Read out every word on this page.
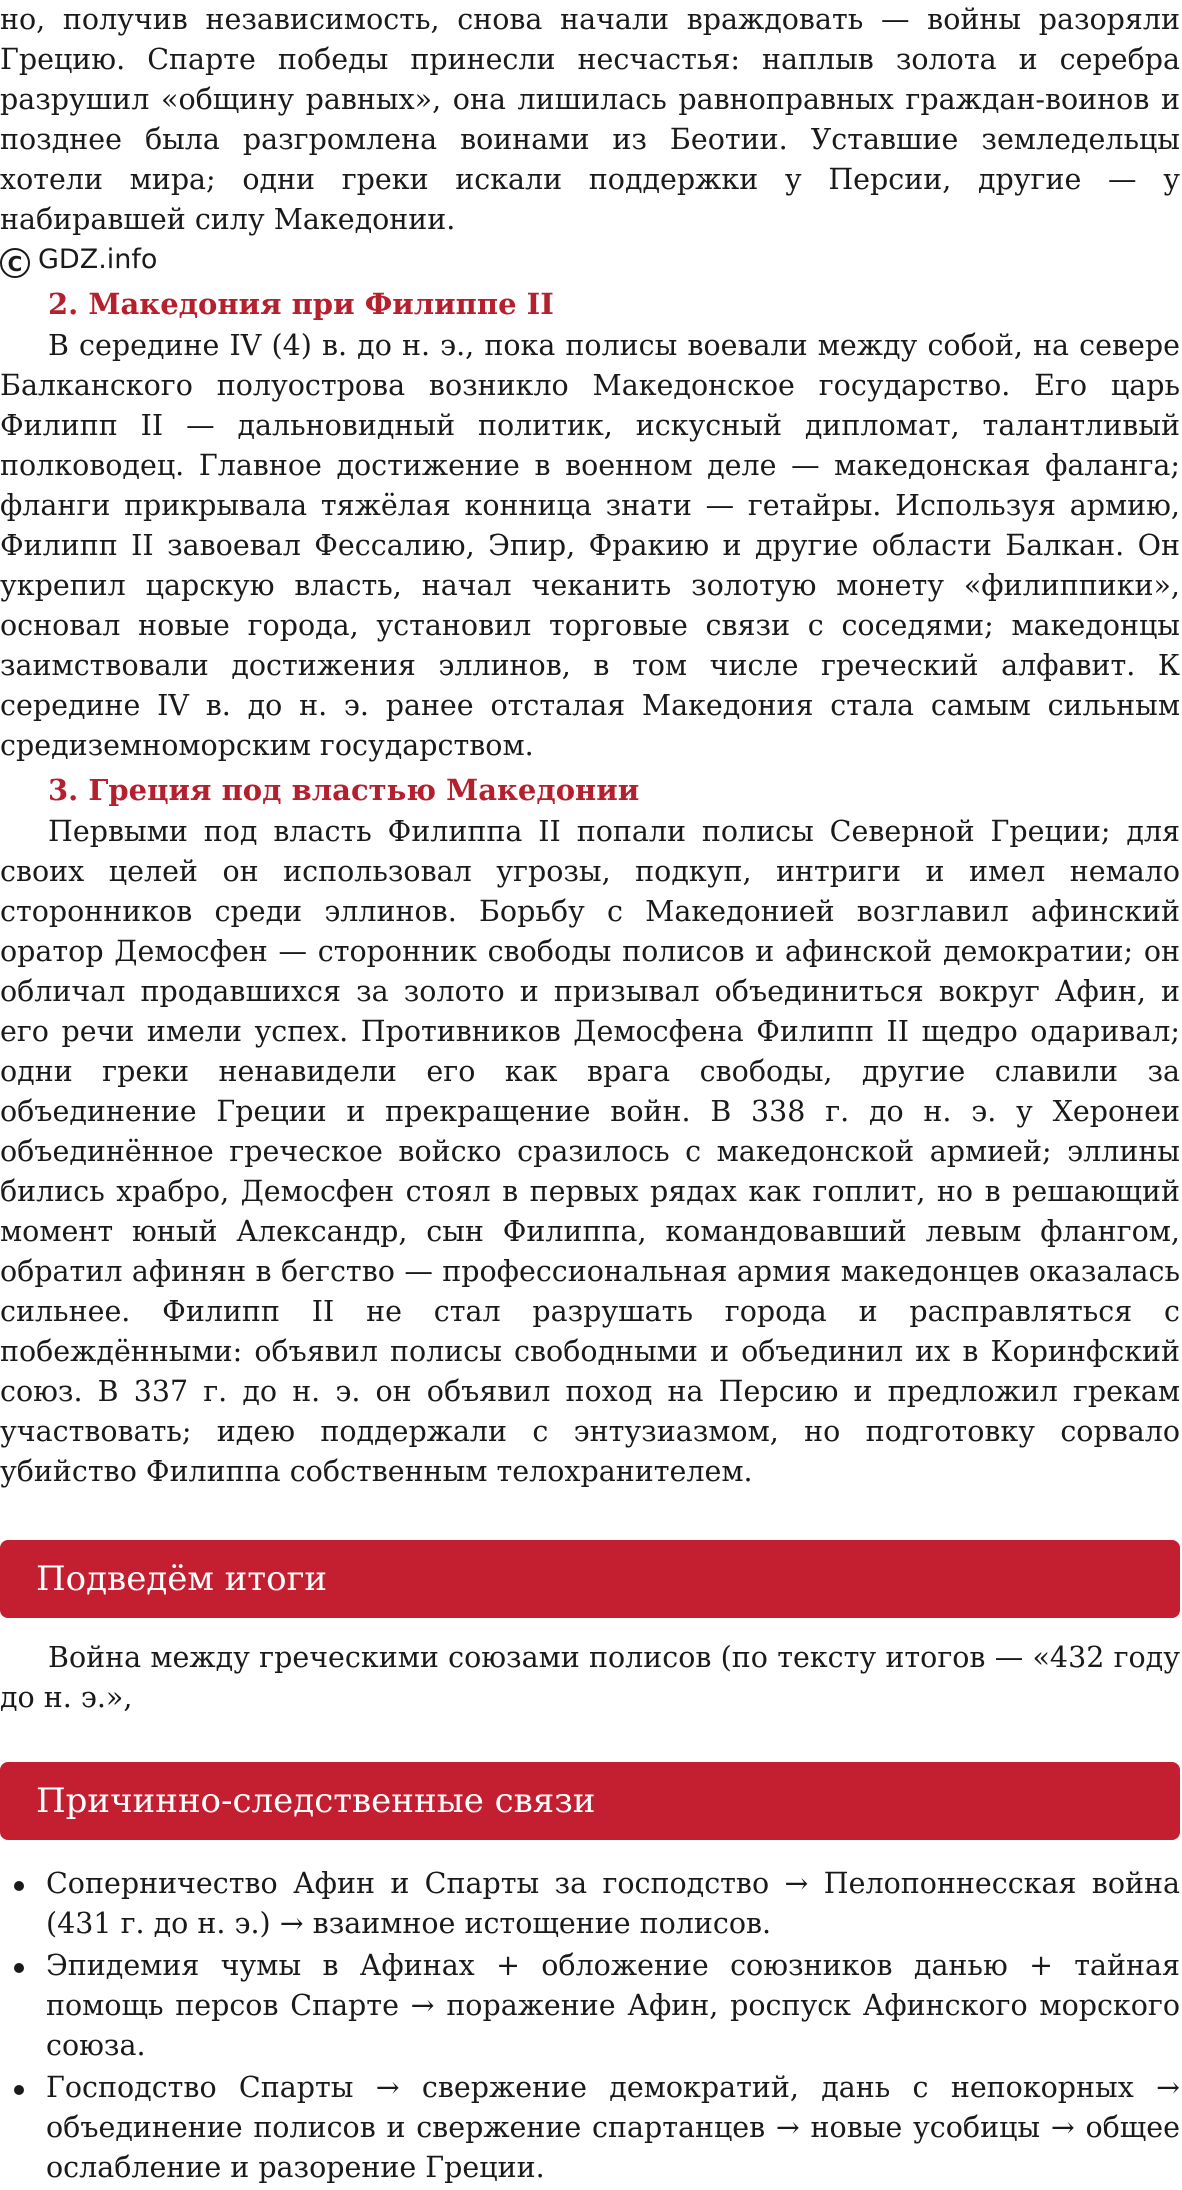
но, получив независимость, снова начали враждовать — войны разоряли Грецию. Спарте победы принесли несчастья: наплыв золота и серебра разрушил «общину равных», она лишилась равноправных граждан-воинов и позднее была разгромлена воинами из Беотии. Уставшие земледельцы хотели мира; одни греки искали поддержки у Персии, другие — у набиравшей силу Македонии.

C GDZ.info
2. Македония при Филиппе II

В середине IV (4) в. до н. э., пока полисы воевали между собой, на севере Балканского полуострова возникло Македонское государство. Его царь Филипп II — дальновидный политик, искусный дипломат, талантливый полководец. Главное достижение в военном деле — македонская фаланга; фланги прикрывала тяжёлая конница знати — гетайры. Используя армию, Филипп II завоевал Фессалию, Эпир, Фракию и другие области Балкан. Он укрепил царскую власть, начал чеканить золотую монету «филиппики», основал новые города, установил торговые связи с соседями; македонцы заимствовали достижения эллинов, в том числе греческий алфавит. К середине IV в. до н. э. ранее отсталая Македония стала самым сильным средиземноморским государством.

3. Греция под властью Македонии

Первыми под власть Филиппа II попали полисы Северной Греции; для своих целей он использовал угрозы, подкуп, интриги и имел немало сторонников среди эллинов. Борьбу с Македонией возглавил афинский оратор Демосфен — сторонник свободы полисов и афинской демократии; он обличал продавшихся за золото и призывал объединиться вокруг Афин, и его речи имели успех. Противников Демосфена Филипп II щедро одаривал; одни греки ненавидели его как врага свободы, другие славили за объединение Греции и прекращение войн. В 338 г. до н. э. у Херонеи объединённое греческое войско сразилось с македонской армией; эллины бились храбро, Демосфен стоял в первых рядах как гоплит, но в решающий момент юный Александр, сын Филиппа, командовавший левым флангом, обратил афинян в бегство — профессиональная армия македонцев оказалась сильнее. Филипп II не стал разрушать города и расправляться с побеждёнными: объявил полисы свободными и объединил их в Коринфский союз. В 337 г. до н. э. он объявил поход на Персию и предложил грекам участвовать; идею поддержали с энтузиазмом, но подготовку сорвало убийство Филиппа собственным телохранителем.

Подведём итоги

Война между греческими союзами полисов (по тексту итогов — «432 году до н. э.»,

Причинно-следственные связи
Соперничество Афин и Спарты за господство → Пелопоннесская война (431 г. до н. э.) → взаимное истощение полисов.
Эпидемия чумы в Афинах + обложение союзников данью + тайная помощь персов Спарте → поражение Афин, роспуск Афинского морского союза.
Господство Спарты → свержение демократий, дань с непокорных → объединение полисов и свержение спартанцев → новые усобицы → общее ослабление и разорение Греции.
